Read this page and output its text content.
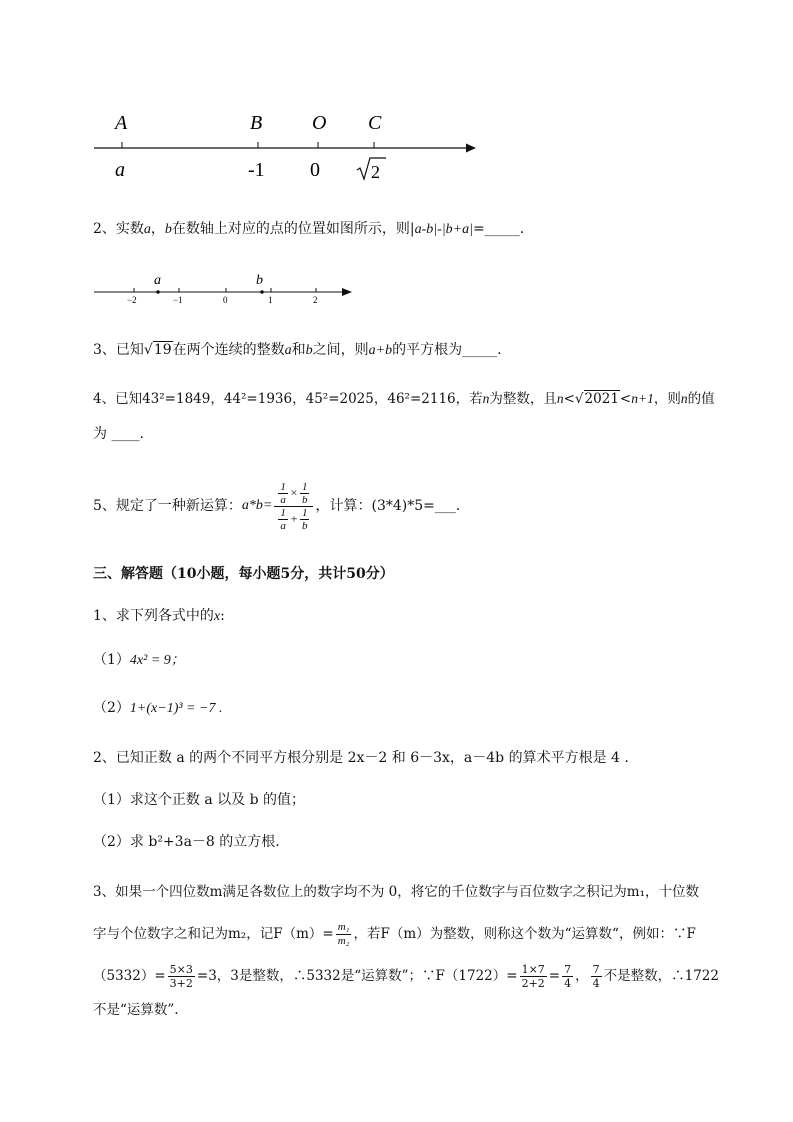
A	B O C
a	-1 0	2
2、实数a，b在数轴上对应的点的位置如图所示，则|a-b|-|b+a|=_____.
a	b
−2	−1	0	1	2
3、已知√19在两个连续的整数a和b之间，则a+b的平方根为_____.
4、已知43²=1849，44²=1936，45²=2025，46²=2116，若n为整数，且n<√2021<n+1，则n的值
为 ____.
5、规定了一种新运算： $a*b= \frac{\frac{1}{a} \times \frac{1}{b}}{\frac{1}{a} + \frac{1}{b}}$ ，计算：(3*4)*5=___.
三、解答题（10小题，每小题5分，共计50分）
1、求下列各式中的x:
（1）4x² = 9；
（2）1+(x−1)³ = −7 .
2、已知正数 a 的两个不同平方根分别是 2x－2 和 6－3x，a－4b 的算术平方根是 4 .
（1）求这个正数 a 以及 b 的值；
（2）求 b²+3a－8 的立方根.
3、如果一个四位数m满足各数位上的数字均不为 0，将它的千位数字与百位数字之积记为m₁，十位数
字与个位数字之和记为m₂，记$F(m)= \frac{\text{m₁}}{\text{m₂}}$ ，若F（m）为整数，则称这个数为“运算数“，例如：∵F
$(5332)= \frac{5\times 3}{3+2} =3$，3是整数，∴5332是“运算数”；∵F（1722）= $\frac{1\times 7}{2+2} = \frac{7}{4}$ ， $\frac{7}{4}$ 不是整数，∴1722
不是“运算数”.
